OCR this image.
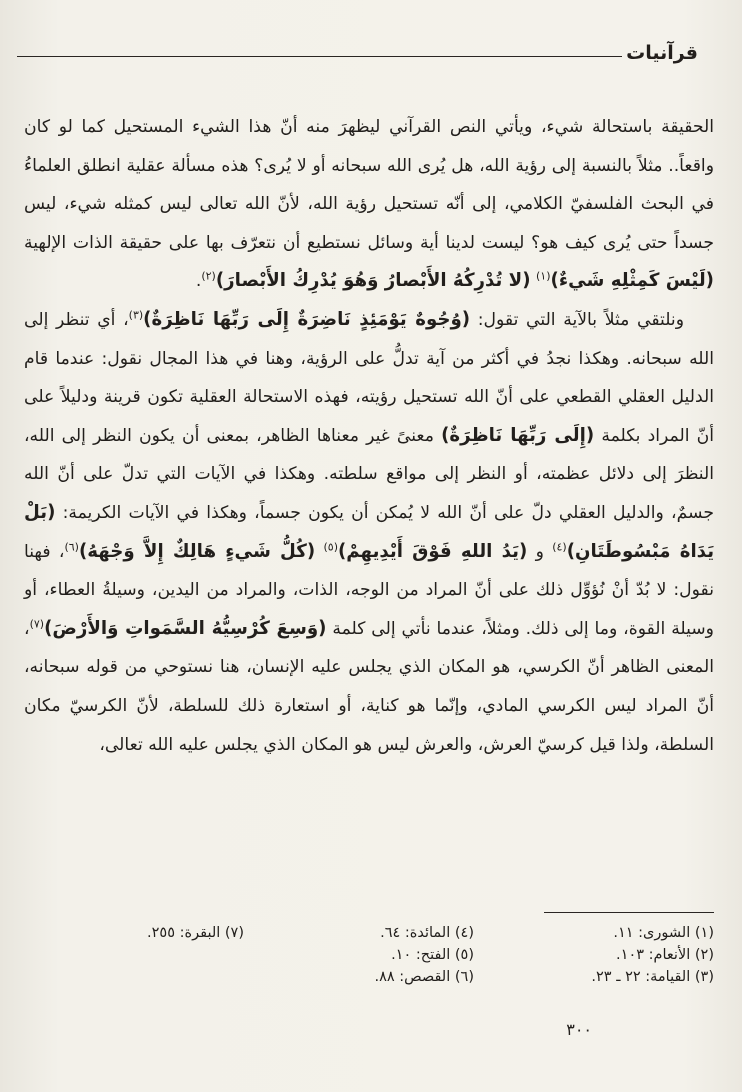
قرآنيات

الحقيقة باستحالة شيء، ويأتي النص القرآني ليظهرَ منه أنّ هذا الشيء المستحيل كما لو كان واقعاً.. مثلاً بالنسبة إلى رؤية الله، هل يُرى الله سبحانه أو لا يُرى؟ هذه مسألة عقلية انطلق العلماءُ في البحث الفلسفيّ الكلامي، إلى أنّه تستحيل رؤية الله، لأنّ الله تعالى ليس كمثله شيء، ليس جسداً حتى يُرى كيف هو؟ ليست لدينا أية وسائل نستطيع أن نتعرّف بها على حقيقة الذات الإلهية (لَيْسَ كَمِثْلِهِ شَيءٌ)$^{(١)}$ (لا تُدْرِكُهُ الأَبْصارُ وَهُوَ يُدْرِكُ الأَبْصارَ)$^{(٢)}$.

ونلتقي مثلاً بالآية التي تقول: (وُجُوهٌ يَوْمَئِذٍ نَاضِرَةٌ إِلَى رَبِّهَا نَاظِرَةٌ)$^{(٣)}$، أي تنظر إلى الله سبحانه. وهكذا نجدُ في أكثر من آية تدلُّ على الرؤية، وهنا في هذا المجال نقول: عندما قام الدليل العقلي القطعي على أنّ الله تستحيل رؤيته، فهذه الاستحالة العقلية تكون قرينة ودليلاً على أنّ المراد بكلمة (إِلَى رَبِّهَا نَاظِرَةٌ) معنىً غير معناها الظاهر، بمعنى أن يكون النظر إلى الله، النظرَ إلى دلائل عظمته، أو النظر إلى مواقع سلطته. وهكذا في الآيات التي تدلّ على أنّ الله جسمٌ، والدليل العقلي دلّ على أنّ الله لا يُمكن أن يكون جسماً، وهكذا في الآيات الكريمة: (بَلْ يَدَاهُ مَبْسُوطَتَانِ)$^{(٤)}$ و (يَدُ اللهِ فَوْقَ أَيْدِيهِمْ)$^{(٥)}$ (كُلُّ شَيءٍ هَالِكٌ إِلاَّ وَجْهَهُ)$^{(٦)}$، فهنا نقول: لا بُدّ أنْ نُؤوِّل ذلك على أنّ المراد من الوجه، الذات، والمراد من اليدين، وسيلةُ العطاء، أو وسيلة القوة، وما إلى ذلك. ومثلاً، عندما نأتي إلى كلمة (وَسِعَ كُرْسِيُّهُ السَّمَواتِ وَالأَرْضَ)$^{(٧)}$، المعنى الظاهر أنّ الكرسي، هو المكان الذي يجلس عليه الإنسان، هنا نستوحي من قوله سبحانه، أنّ المراد ليس الكرسي المادي، وإنّما هو كناية، أو استعارة ذلك للسلطة، لأنّ الكرسيّ مكان السلطة، ولذا قيل كرسيّ العرش، والعرش ليس هو المكان الذي يجلس عليه الله تعالى،

(١) الشورى: ١١.
(٢) الأنعام: ١٠٣.
(٣) القيامة: ٢٢ ـ ٢٣.
(٤) المائدة: ٦٤.
(٥) الفتح: ١٠.
(٦) القصص: ٨٨.
(٧) البقرة: ٢٥٥.
٣٠٠
